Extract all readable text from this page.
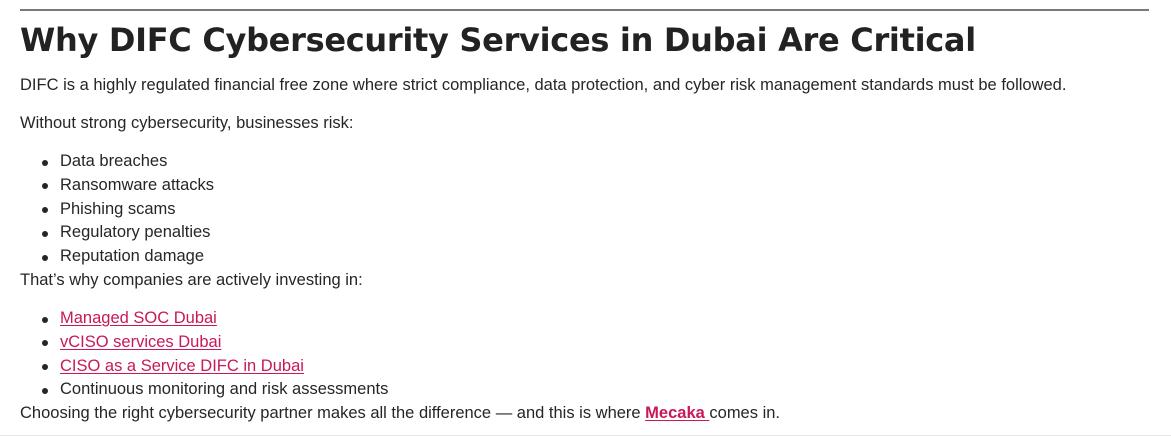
Why DIFC Cybersecurity Services in Dubai Are Critical

DIFC is a highly regulated financial free zone where strict compliance, data protection, and cyber risk management standards must be followed.

Without strong cybersecurity, businesses risk:

Data breaches
Ransomware attacks
Phishing scams
Regulatory penalties
Reputation damage

That’s why companies are actively investing in:

Managed SOC Dubai
vCISO services Dubai
CISO as a Service DIFC in Dubai
Continuous monitoring and risk assessments

Choosing the right cybersecurity partner makes all the difference — and this is where Mecaka comes in.
